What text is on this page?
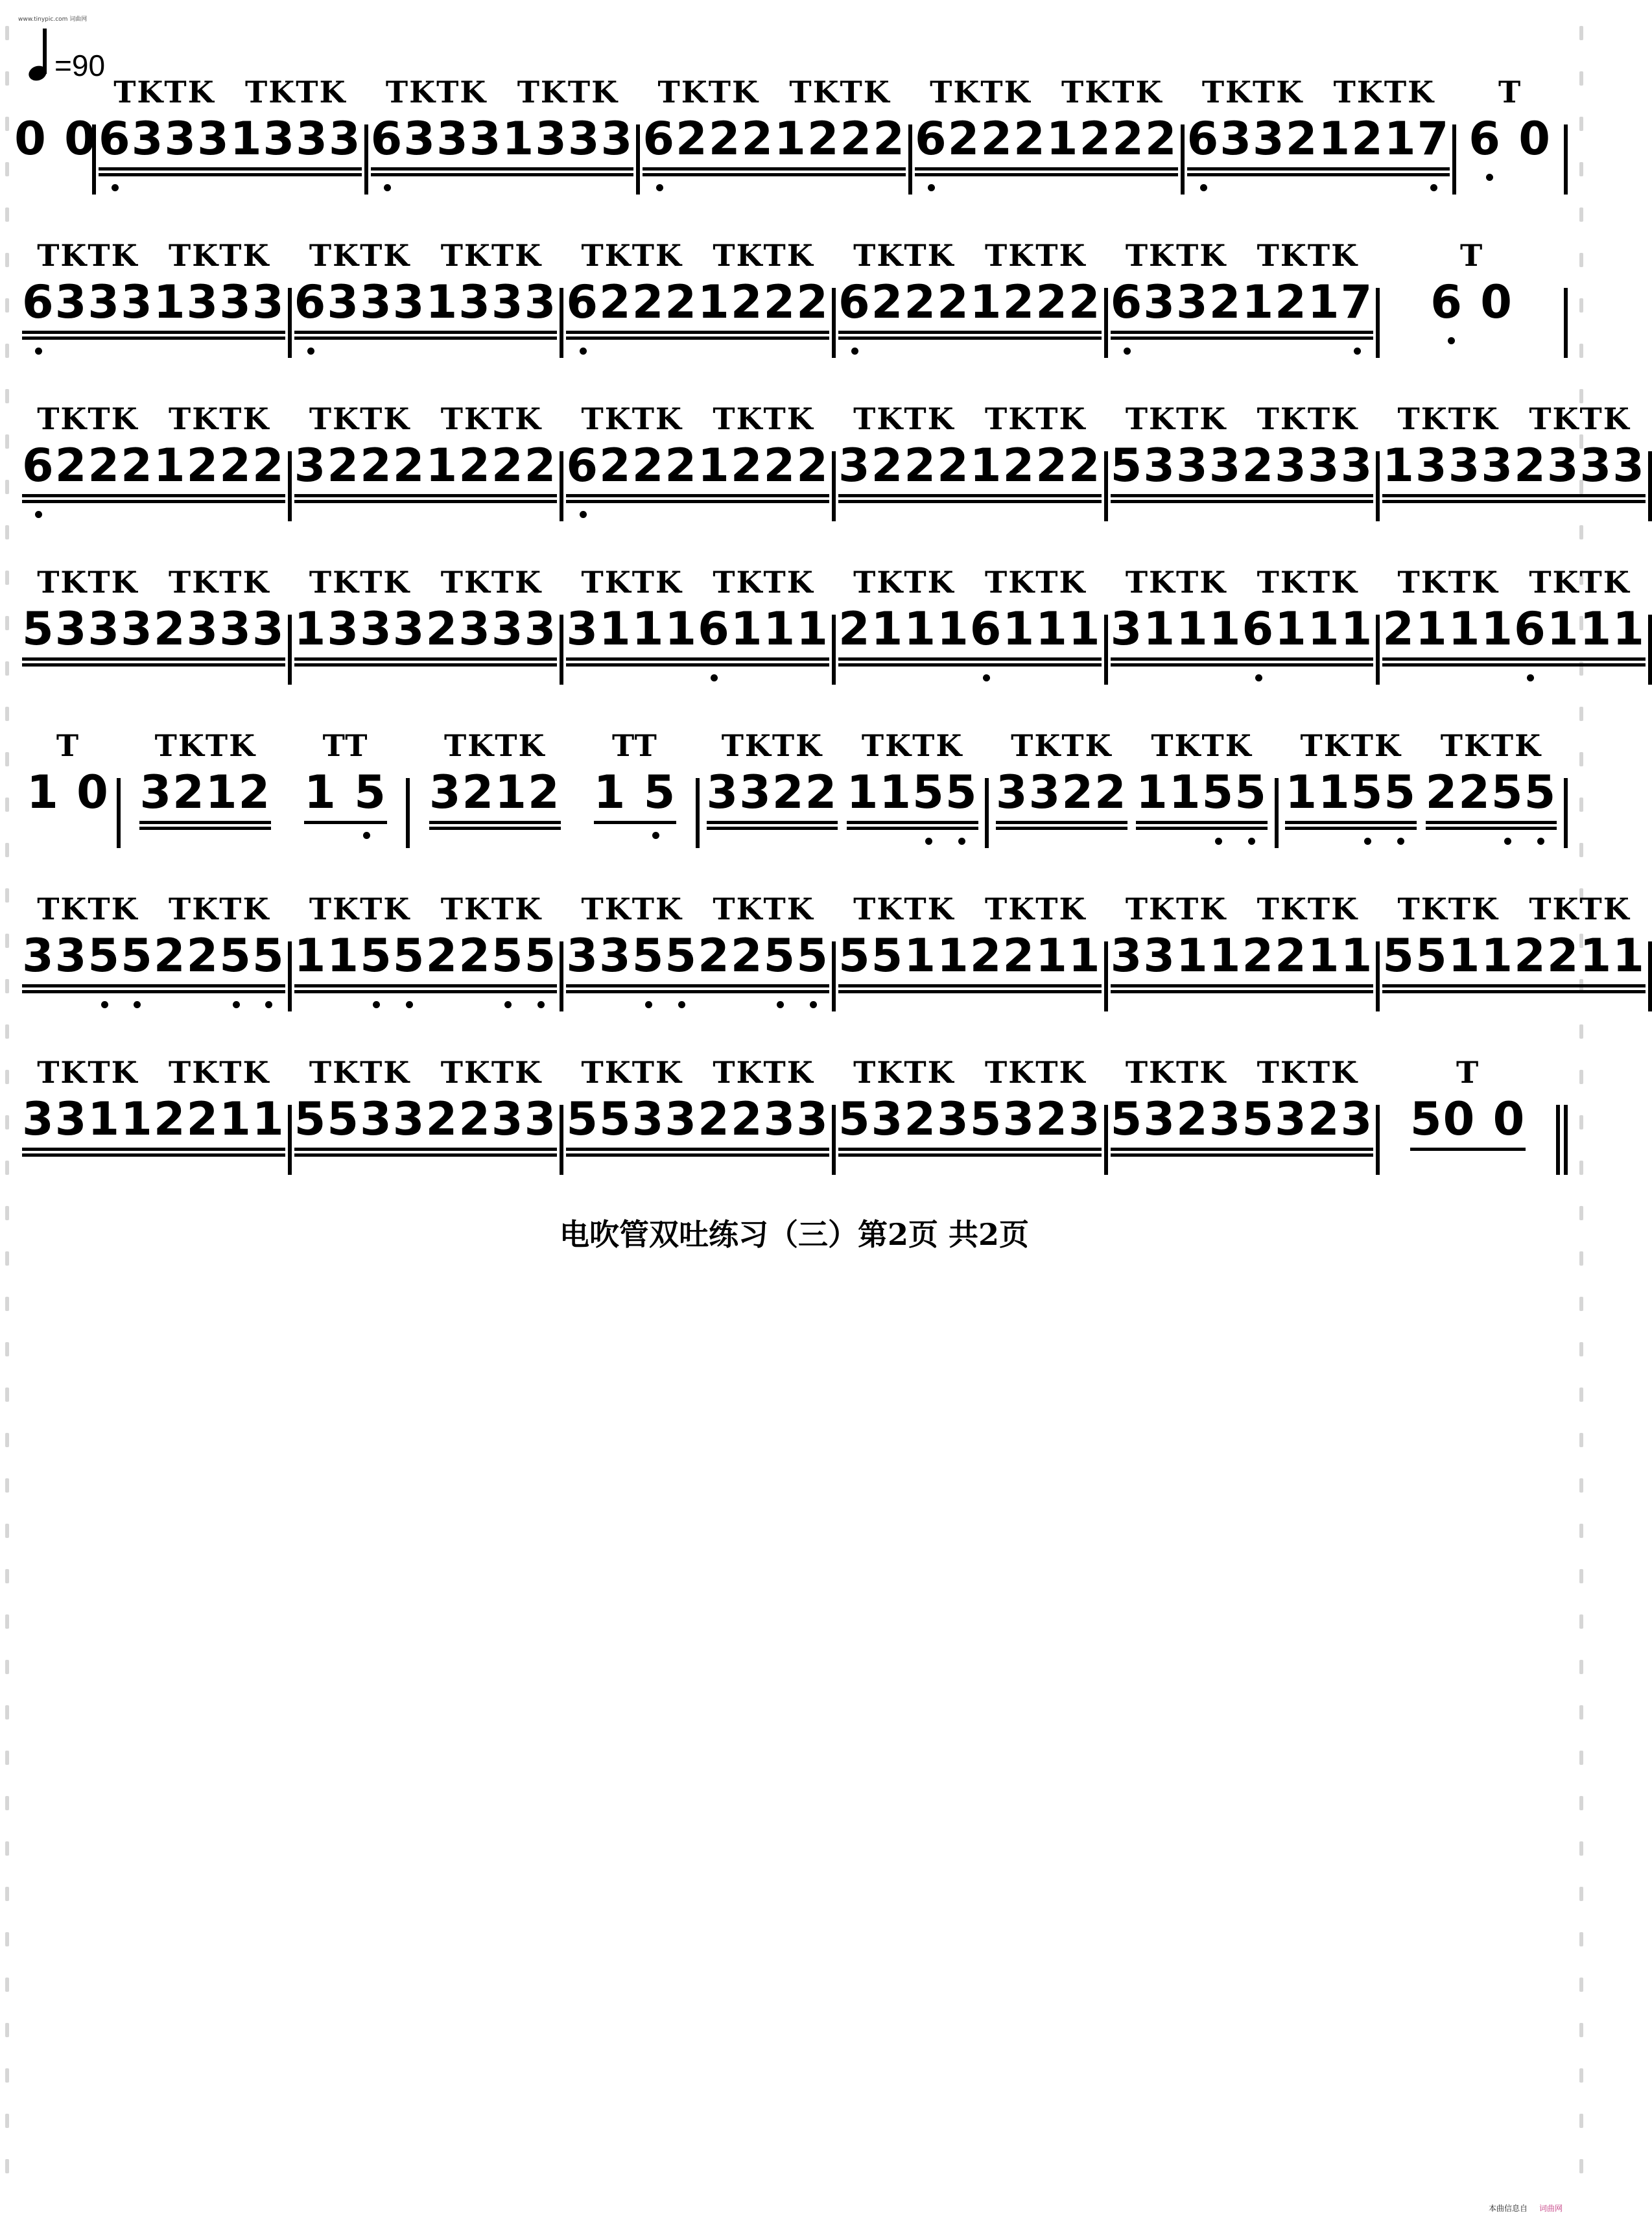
www.tinypic.com 词曲网
=90
0 0
TKTK
6333
TKTK
1333
TKTK
6333
TKTK
1333
TKTK
6222
TKTK
1222
TKTK
6222
TKTK
1222
TKTK
6332
TKTK
1217
T
6 0
TKTK
6333
TKTK
1333
TKTK
6333
TKTK
1333
TKTK
6222
TKTK
1222
TKTK
6222
TKTK
1222
TKTK
6332
TKTK
1217
T
6 0
TKTK
6222
TKTK
1222
TKTK
3222
TKTK
1222
TKTK
6222
TKTK
1222
TKTK
3222
TKTK
1222
TKTK
5333
TKTK
2333
TKTK
1333
TKTK
2333
TKTK
5333
TKTK
2333
TKTK
1333
TKTK
2333
TKTK
3111
TKTK
6111
TKTK
2111
TKTK
6111
TKTK
3111
TKTK
6111
TKTK
2111
TKTK
6111
T
1 0
TKTK
3212
TT
1 5
TKTK
3212
TT
1 5
TKTK
3322
TKTK
1155
TKTK
3322
TKTK
1155
TKTK
1155
TKTK
2255
TKTK
3355
TKTK
2255
TKTK
1155
TKTK
2255
TKTK
3355
TKTK
2255
TKTK
5511
TKTK
2211
TKTK
3311
TKTK
2211
TKTK
5511
TKTK
2211
TKTK
3311
TKTK
2211
TKTK
5533
TKTK
2233
TKTK
5533
TKTK
2233
TKTK
5323
TKTK
5323
TKTK
5323
TKTK
5323
T
50 0
电吹管双吐练习（三）第2页 共2页
本曲信息自 词曲网
